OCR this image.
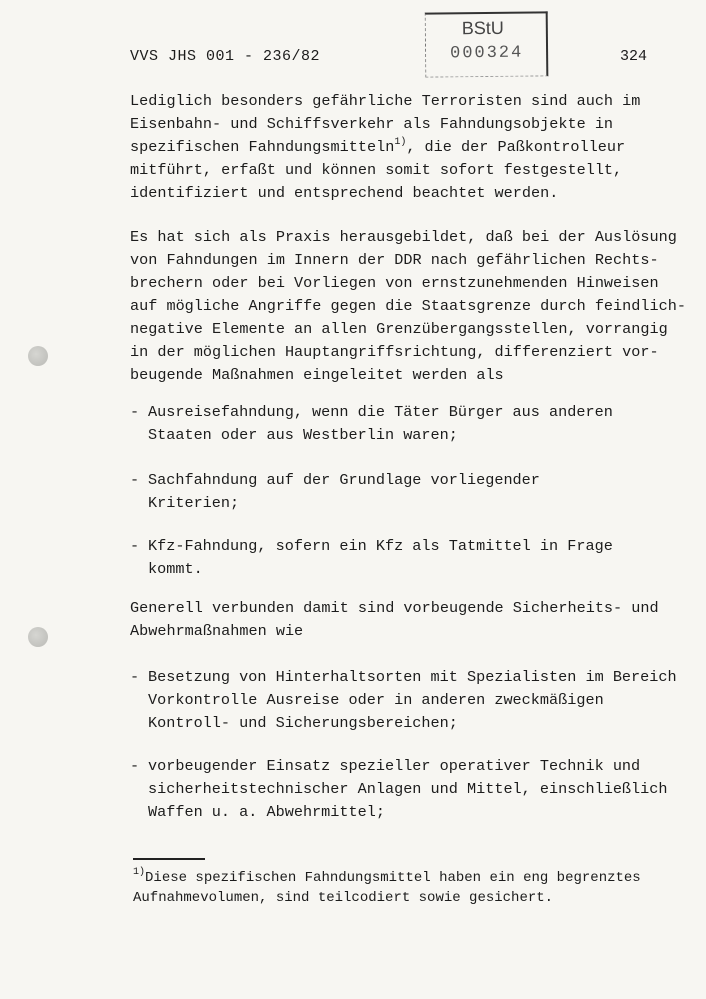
VVS JHS 001 - 236/82
BStU
000324	324
Lediglich besonders gefährliche Terroristen sind auch im
Eisenbahn- und Schiffsverkehr als Fahndungsobjekte in
spezifischen Fahndungsmitteln$^{1)}$, die der Paßkontrolleur
mitführt, erfaßt und können somit sofort festgestellt,
identifiziert und entsprechend beachtet werden.
Es hat sich als Praxis herausgebildet, daß bei der Auslösung
von Fahndungen im Innern der DDR nach gefährlichen Rechts-
brechern oder bei Vorliegen von ernstzunehmenden Hinweisen
auf mögliche Angriffe gegen die Staatsgrenze durch feindlich-
negative Elemente an allen Grenzübergangsstellen, vorrangig
in der möglichen Hauptangriffsrichtung, differenziert vor-
beugende Maßnahmen eingeleitet werden als
- Ausreisefahndung, wenn die Täter Bürger aus anderen
Staaten oder aus Westberlin waren;
- Sachfahndung auf der Grundlage vorliegender
Kriterien;
- Kfz-Fahndung, sofern ein Kfz als Tatmittel in Frage
kommt.
Generell verbunden damit sind vorbeugende Sicherheits- und
Abwehrmaßnahmen wie
- Besetzung von Hinterhaltsorten mit Spezialisten im Bereich
Vorkontrolle Ausreise oder in anderen zweckmäßigen
Kontroll- und Sicherungsbereichen;
- vorbeugender Einsatz spezieller operativer Technik und
sicherheitstechnischer Anlagen und Mittel, einschließlich
Waffen u. a. Abwehrmittel;
$^{1)}$Diese spezifischen Fahndungsmittel haben ein eng begrenztes
Aufnahmevolumen, sind teilcodiert sowie gesichert.
